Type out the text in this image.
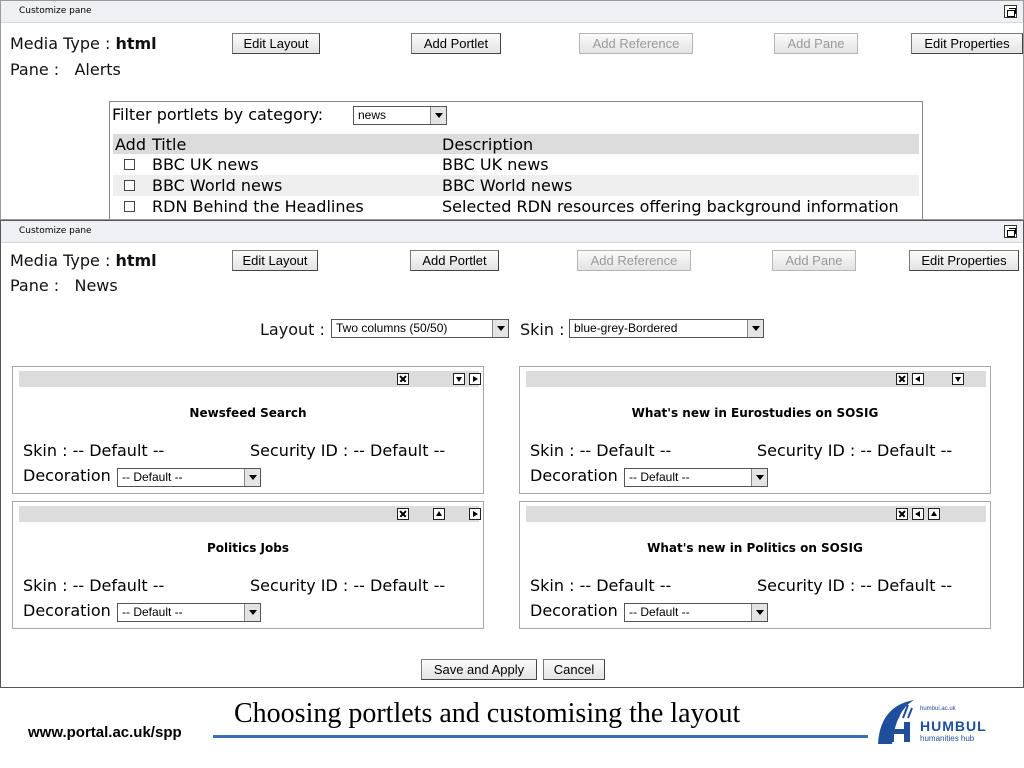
Customize pane
Media Type : html
Pane : Alerts
Edit Layout	Add Portlet	Add Reference	Add Pane	Edit Properties
Filter portlets by category:	news
Add	Title	Description
	BBC UK news	BBC UK news
	BBC World news	BBC World news
	RDN Behind the Headlines	Selected RDN resources offering background information
Customize pane
Media Type : html
Pane : News
Edit Layout	Add Portlet	Add Reference	Add Pane	Edit Properties
Layout : Two columns (50/50)	Skin : blue-grey-Bordered
Newsfeed Search
Skin : -- Default --	Security ID : -- Default --
Decoration -- Default --
What's new in Eurostudies on SOSIG
Skin : -- Default --	Security ID : -- Default --
Decoration -- Default --
Politics Jobs
Skin : -- Default --	Security ID : -- Default --
Decoration -- Default --
What's new in Politics on SOSIG
Skin : -- Default --	Security ID : -- Default --
Decoration -- Default --
Save and Apply	Cancel
www.portal.ac.uk/spp
Choosing portlets and customising the layout	humbul.ac.uk
HUMBUL
humanities hub
